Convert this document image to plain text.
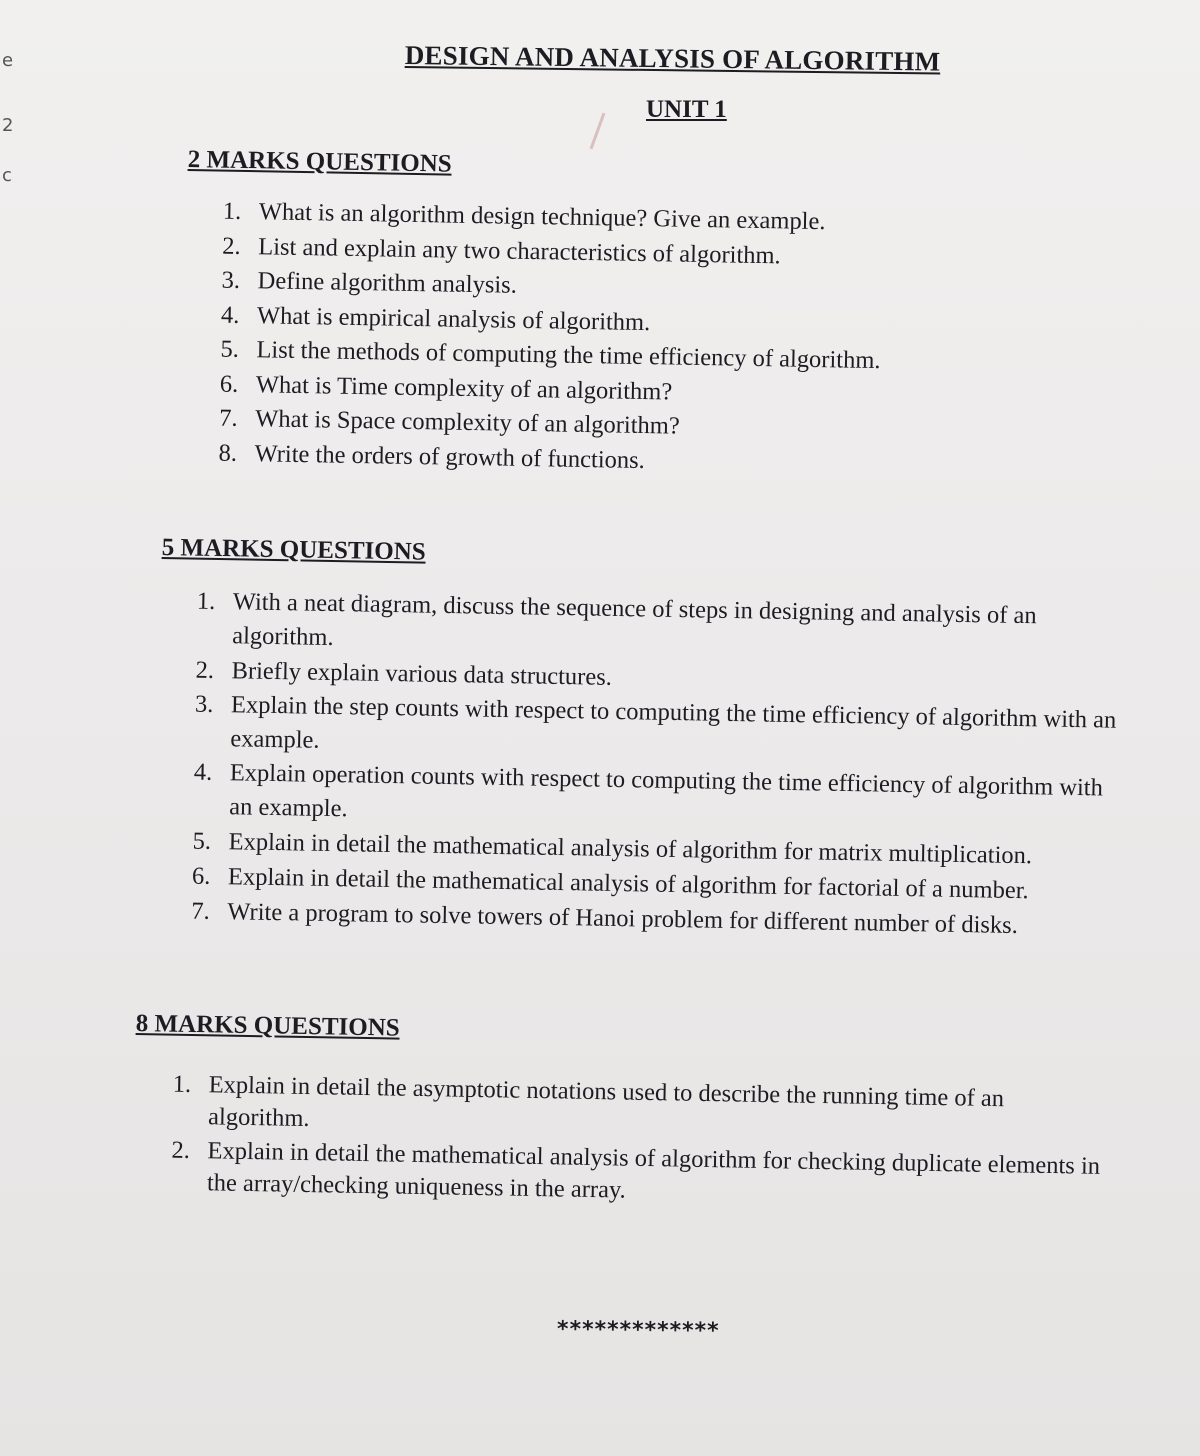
e
2
c
DESIGN AND ANALYSIS OF ALGORITHM
UNIT 1
2 MARKS QUESTIONS
1. What is an algorithm design technique? Give an example.
2. List and explain any two characteristics of algorithm.
3. Define algorithm analysis.
4. What is empirical analysis of algorithm.
5. List the methods of computing the time efficiency of algorithm.
6. What is Time complexity of an algorithm?
7. What is Space complexity of an algorithm?
8. Write the orders of growth of functions.
5 MARKS QUESTIONS
1. With a neat diagram, discuss the sequence of steps in designing and analysis of an algorithm.
2. Briefly explain various data structures.
3. Explain the step counts with respect to computing the time efficiency of algorithm with an example.
4. Explain operation counts with respect to computing the time efficiency of algorithm with an example.
5. Explain in detail the mathematical analysis of algorithm for matrix multiplication.
6. Explain in detail the mathematical analysis of algorithm for factorial of a number.
7. Write a program to solve towers of Hanoi problem for different number of disks.
8 MARKS QUESTIONS
1. Explain in detail the asymptotic notations used to describe the running time of an algorithm.
2. Explain in detail the mathematical analysis of algorithm for checking duplicate elements in the array/checking uniqueness in the array.
*************
